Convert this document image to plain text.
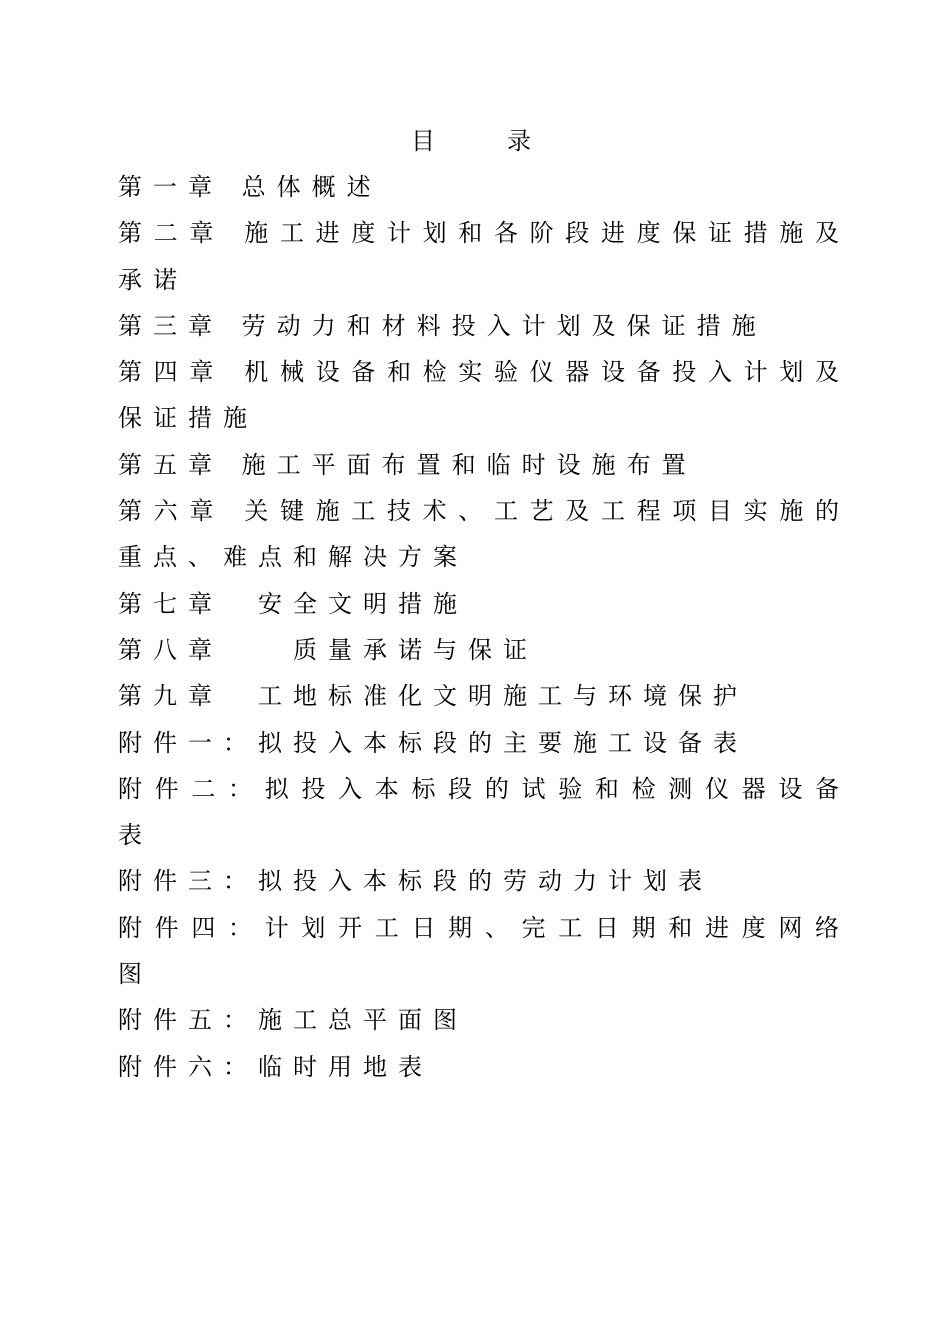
目　　录
第一章 总体概述
第二章 施工进度计划和各阶段进度保证措施及承诺
第三章 劳动力和材料投入计划及保证措施
第四章 机械设备和检实验仪器设备投入计划及保证措施
第五章 施工平面布置和临时设施布置
第六章 关键施工技术、工艺及工程项目实施的重点、难点和解决方案
第七章　安全文明措施
第八章　　质量承诺与保证
第九章　工地标准化文明施工与环境保护
附件一：拟投入本标段的主要施工设备表
附件二：拟投入本标段的试验和检测仪器设备表
附件三：拟投入本标段的劳动力计划表
附件四：计划开工日期、完工日期和进度网络图
附件五：施工总平面图
附件六：临时用地表
